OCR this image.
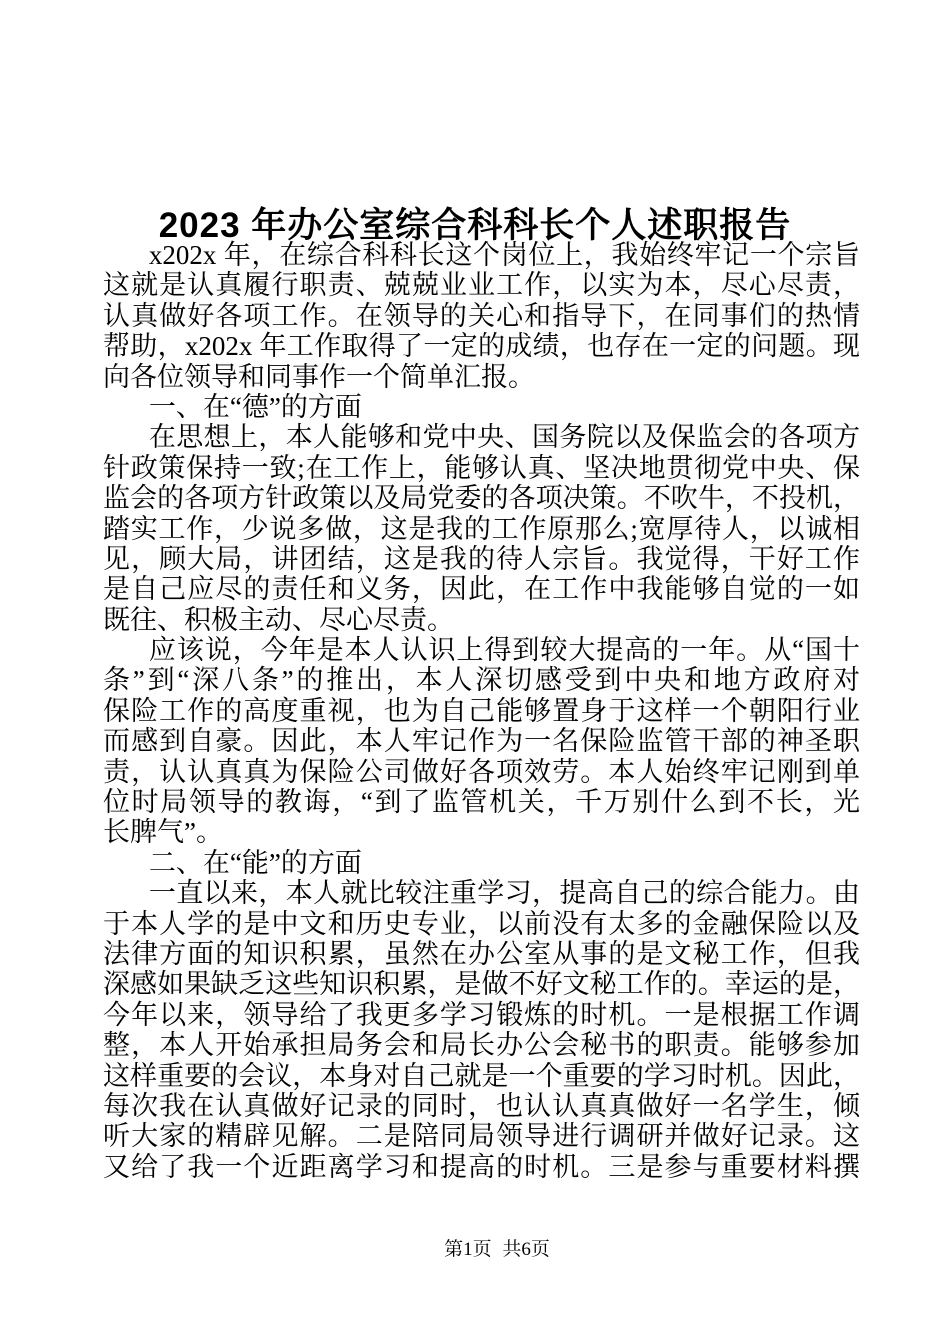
2023 年办公室综合科科长个人述职报告
x202x 年，在综合科科长这个岗位上，我始终牢记一个宗旨
这就是认真履行职责、兢兢业业工作，以实为本，尽心尽责，
认真做好各项工作。在领导的关心和指导下，在同事们的热情
帮助，x202x 年工作取得了一定的成绩，也存在一定的问题。现
向各位领导和同事作一个简单汇报。
一、在“德”的方面
在思想上，本人能够和党中央、国务院以及保监会的各项方
针政策保持一致;在工作上，能够认真、坚决地贯彻党中央、保
监会的各项方针政策以及局党委的各项决策。不吹牛，不投机，
踏实工作，少说多做，这是我的工作原那么;宽厚待人，以诚相
见，顾大局，讲团结，这是我的待人宗旨。我觉得，干好工作
是自己应尽的责任和义务，因此，在工作中我能够自觉的一如
既往、积极主动、尽心尽责。
应该说，今年是本人认识上得到较大提高的一年。从“国十
条”到“深八条”的推出，本人深切感受到中央和地方政府对
保险工作的高度重视，也为自己能够置身于这样一个朝阳行业
而感到自豪。因此，本人牢记作为一名保险监管干部的神圣职
责，认认真真为保险公司做好各项效劳。本人始终牢记刚到单
位时局领导的教诲，“到了监管机关，千万别什么到不长，光
长脾气”。
二、在“能”的方面
一直以来，本人就比较注重学习，提高自己的综合能力。由
于本人学的是中文和历史专业，以前没有太多的金融保险以及
法律方面的知识积累，虽然在办公室从事的是文秘工作，但我
深感如果缺乏这些知识积累，是做不好文秘工作的。幸运的是，
今年以来，领导给了我更多学习锻炼的时机。一是根据工作调
整，本人开始承担局务会和局长办公会秘书的职责。能够参加
这样重要的会议，本身对自己就是一个重要的学习时机。因此，
每次我在认真做好记录的同时，也认认真真做好一名学生，倾
听大家的精辟见解。二是陪同局领导进行调研并做好记录。这
又给了我一个近距离学习和提高的时机。三是参与重要材料撰
第1页 共6页
